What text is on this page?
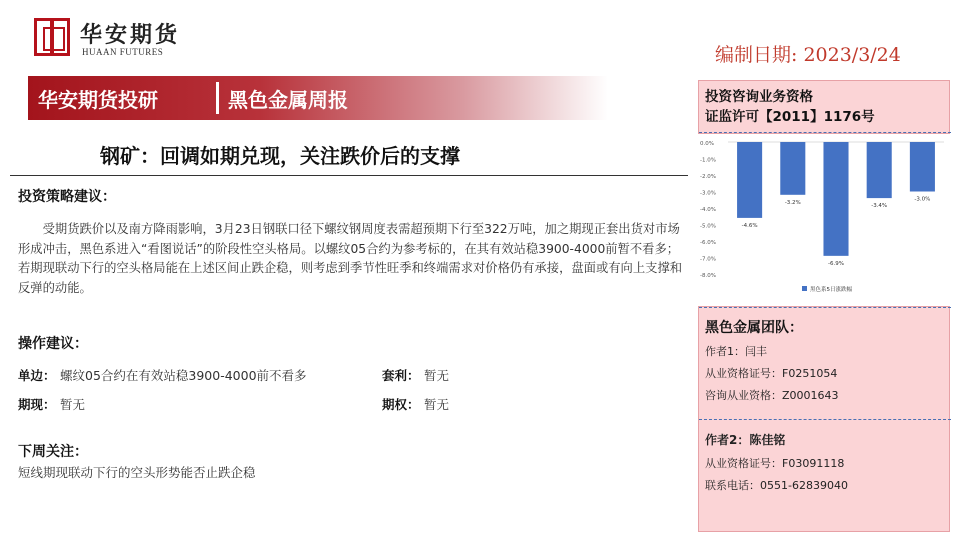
华安期货
HUAAN FUTURES	编制日期: 2023/3/24
华安期货投研	黑色金属周报
钢矿：回调如期兑现，关注跌价后的支撑
投资策略建议：
受期货跌价以及南方降雨影响，3月23日钢联口径下螺纹钢周度表需超预期下行至322万吨，加之期现正套出货对市场形成冲击，黑色系进入“看图说话”的阶段性空头格局。以螺纹05合约为参考标的，在其有效站稳3900-4000前暂不看多；若期现联动下行的空头格局能在上述区间止跌企稳，则考虑到季节性旺季和终端需求对价格仍有承接，盘面或有向上支撑和反弹的动能。
操作建议：
单边： 螺纹05合约在有效站稳3900-4000前不看多	套利： 暂无
期现： 暂无	期权： 暂无
下周关注：
短线期现联动下行的空头形势能否止跌企稳
投资咨询业务资格
证监许可【2011】1176号
0.0%
-1.0%
-2.0%
-3.0%
-4.0%
-5.0%
-6.0%
-7.0%
-8.0%
-4.6%
-3.2%
-6.9%
-3.4%
-3.0%
黑色系5日涨跌幅
黑色金属团队：
作者1：闫丰
从业资格证号：F0251054
咨询从业资格：Z0001643
作者2：陈佳铭
从业资格证号：F03091118
联系电话：0551-62839040
